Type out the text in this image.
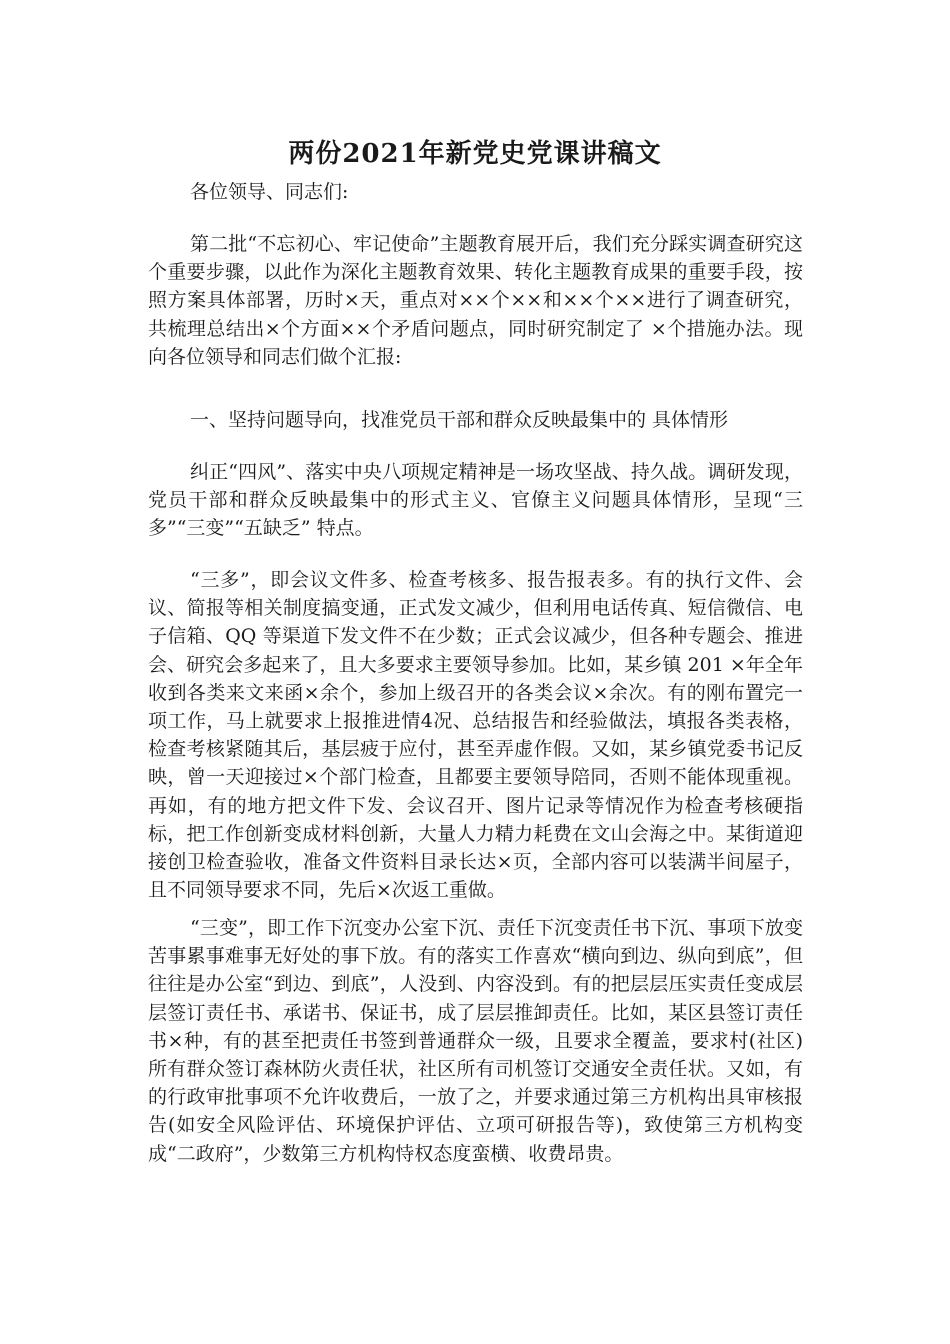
两份2021年新党史党课讲稿文
各位领导、同志们:

第二批“不忘初心、牢记使命”主题教育展开后，我们充分踩实调查研究这个重要步骤，以此作为深化主题教育效果、转化主题教育成果的重要手段，按照方案具体部署，历时×天，重点对××个××和××个××进行了调查研究，共梳理总结出×个方面××个矛盾问题点，同时研究制定了 ×个措施办法。现向各位领导和同志们做个汇报:

一、坚持问题导向，找准党员干部和群众反映最集中的 具体情形

纠正“四风”、落实中央八项规定精神是一场攻坚战、持久战。调研发现，党员干部和群众反映最集中的形式主义、官僚主义问题具体情形，呈现“三多”“三变”“五缺乏” 特点。

“三多”，即会议文件多、检查考核多、报告报表多。有的执行文件、会议、简报等相关制度搞变通，正式发文减少，但利用电话传真、短信微信、电子信箱、QQ 等渠道下发文件不在少数；正式会议减少，但各种专题会、推进会、研究会多起来了，且大多要求主要领导参加。比如，某乡镇 201 ×年全年收到各类来文来函×余个，参加上级召开的各类会议×余次。有的刚布置完一项工作，马上就要求上报推进情4况、总结报告和经验做法，填报各类表格，检查考核紧随其后，基层疲于应付，甚至弄虚作假。又如，某乡镇党委书记反映，曾一天迎接过×个部门检查，且都要主要领导陪同，否则不能体现重视。再如，有的地方把文件下发、会议召开、图片记录等情况作为检查考核硬指标，把工作创新变成材料创新，大量人力精力耗费在文山会海之中。某街道迎接创卫检查验收，准备文件资料目录长达×页，全部内容可以装满半间屋子，且不同领导要求不同，先后×次返工重做。

“三变”，即工作下沉变办公室下沉、责任下沉变责任书下沉、事项下放变苦事累事难事无好处的事下放。有的落实工作喜欢“横向到边、纵向到底”，但往往是办公室“到边、到底”，人没到、内容没到。有的把层层压实责任变成层层签订责任书、承诺书、保证书，成了层层推卸责任。比如，某区县签订责任书×种，有的甚至把责任书签到普通群众一级，且要求全覆盖，要求村(社区)所有群众签订森林防火责任状，社区所有司机签订交通安全责任状。又如，有的行政审批事项不允许收费后，一放了之，并要求通过第三方机构出具审核报告(如安全风险评估、环境保护评估、立项可研报告等)，致使第三方机构变成“二政府”，少数第三方机构恃权态度蛮横、收费昂贵。
